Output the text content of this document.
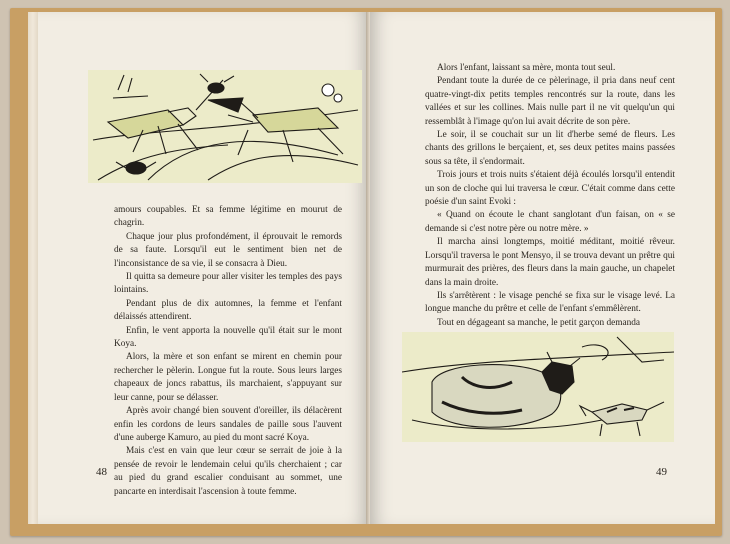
amours coupables. Et sa femme légitime en mourut de chagrin.

Chaque jour plus profondément, il éprouvait le remords de sa faute. Lorsqu'il eut le sentiment bien net de l'inconsistance de sa vie, il se consacra à Dieu.

Il quitta sa demeure pour aller visiter les temples des pays lointains.

Pendant plus de dix automnes, la femme et l'enfant délaissés attendirent.

Enfin, le vent apporta la nouvelle qu'il était sur le mont Koya.

Alors, la mère et son enfant se mirent en chemin pour rechercher le pèlerin. Longue fut la route. Sous leurs larges chapeaux de joncs rabattus, ils marchaient, s'appuyant sur leur canne, pour se délasser.

Après avoir changé bien souvent d'oreiller, ils délacèrent enfin les cordons de leurs sandales de paille sous l'auvent d'une auberge Kamuro, au pied du mont sacré Koya.

Mais c'est en vain que leur cœur se serrait de joie à la pensée de revoir le lendemain celui qu'ils cherchaient ; car au pied du grand escalier conduisant au sommet, une pancarte en interdisait l'ascension à toute femme.

48

Alors l'enfant, laissant sa mère, monta tout seul.

Pendant toute la durée de ce pèlerinage, il pria dans neuf cent quatre-vingt-dix petits temples rencontrés sur la route, dans les vallées et sur les collines. Mais nulle part il ne vit quelqu'un qui ressemblât à l'image qu'on lui avait décrite de son père.

Le soir, il se couchait sur un lit d'herbe semé de fleurs. Les chants des grillons le berçaient, et, ses deux petites mains passées sous sa tête, il s'endormait.

Trois jours et trois nuits s'étaient déjà écoulés lorsqu'il entendit un son de cloche qui lui traversa le cœur. C'était comme dans cette poésie d'un saint Evoki :

« Quand on écoute le chant sanglotant d'un faisan, on « se demande si c'est notre père ou notre mère. »

Il marcha ainsi longtemps, moitié méditant, moitié rêveur. Lorsqu'il traversa le pont Mensyo, il se trouva devant un prêtre qui murmurait des prières, des fleurs dans la main gauche, un chapelet dans la main droite.

Ils s'arrêtèrent : le visage penché se fixa sur le visage levé. La longue manche du prêtre et celle de l'enfant s'emmêlèrent.

Tout en dégageant sa manche, le petit garçon demanda

49
